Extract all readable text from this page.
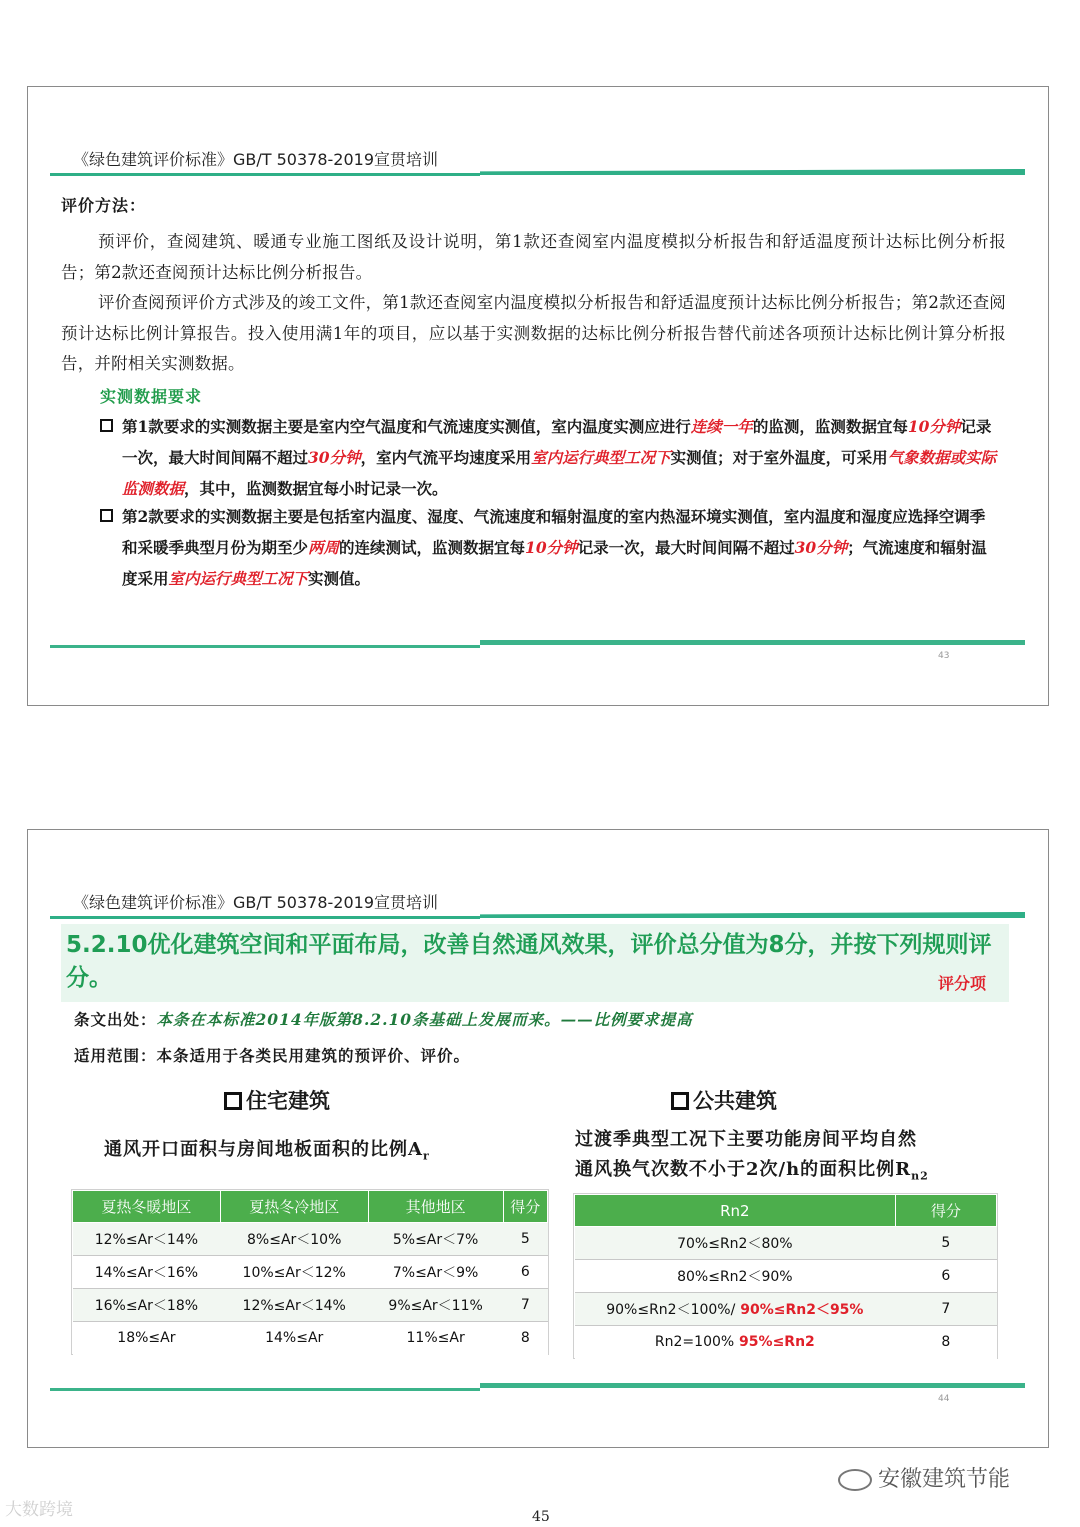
《绿色建筑评价标准》GB/T 50378-2019宣贯培训
评价方法：
预评价，查阅建筑、暖通专业施工图纸及设计说明，第1款还查阅室内温度模拟分析报告和舒适温度预计达标比例分析报告；第2款还查阅预计达标比例分析报告。
评价查阅预评价方式涉及的竣工文件，第1款还查阅室内温度模拟分析报告和舒适温度预计达标比例分析报告；第2款还查阅预计达标比例计算报告。投入使用满1年的项目，应以基于实测数据的达标比例分析报告替代前述各项预计达标比例计算分析报告，并附相关实测数据。
实测数据要求
第1款要求的实测数据主要是室内空气温度和气流速度实测值，室内温度实测应进行连续一年的监测，监测数据宜每10分钟记录一次，最大时间间隔不超过30分钟，室内气流平均速度采用室内运行典型工况下实测值；对于室外温度，可采用气象数据或实际监测数据，其中，监测数据宜每小时记录一次。
第2款要求的实测数据主要是包括室内温度、湿度、气流速度和辐射温度的室内热湿环境实测值，室内温度和湿度应选择空调季和采暖季典型月份为期至少两周的连续测试，监测数据宜每10分钟记录一次，最大时间间隔不超过30分钟；气流速度和辐射温度采用室内运行典型工况下实测值。
43
《绿色建筑评价标准》GB/T 50378-2019宣贯培训
5.2.10优化建筑空间和平面布局，改善自然通风效果，评价总分值为8分，并按下列规则评分。	评分项
条文出处：本条在本标准2014年版第8.2.10条基础上发展而来。——比例要求提高
适用范围：本条适用于各类民用建筑的预评价、评价。
住宅建筑
通风开口面积与房间地板面积的比例$A_r$
夏热冬暖地区	夏热冬冷地区	其他地区	得分
12%≤Ar＜14%	8%≤Ar＜10%	5%≤Ar＜7%	5
14%≤Ar＜16%	10%≤Ar＜12%	7%≤Ar＜9%	6
16%≤Ar＜18%	12%≤Ar＜14%	9%≤Ar＜11%	7
18%≤Ar	14%≤Ar	11%≤Ar	8
公共建筑
过渡季典型工况下主要功能房间平均自然
通风换气次数不小于2次/h的面积比例$R_{n2}$
Rn2	得分
70%≤Rn2＜80%	5
80%≤Rn2＜90%	6
90%≤Rn2＜100%/ 90%≤Rn2＜95%	7
Rn2=100% 95%≤Rn2	8
44
45
大数跨境
安徽建筑节能
